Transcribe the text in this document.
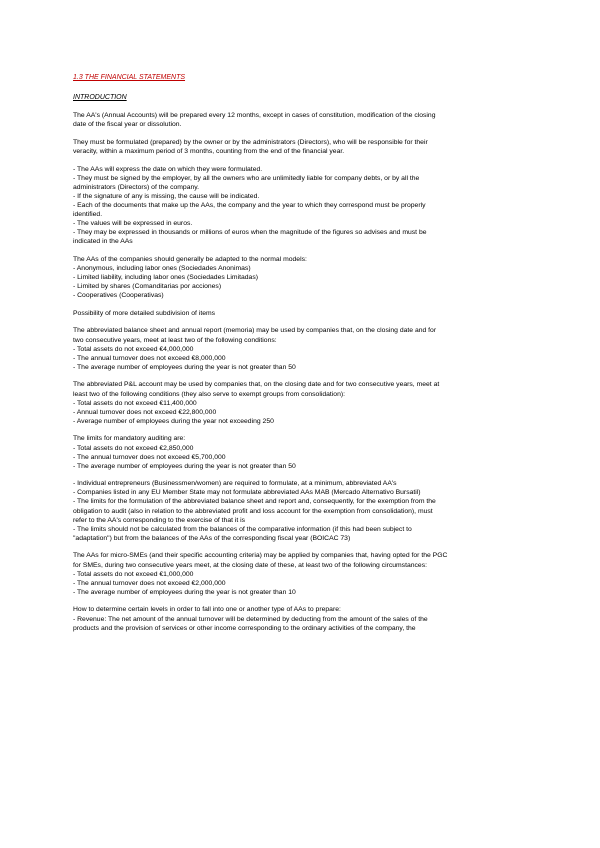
1.3 THE FINANCIAL STATEMENTS
INTRODUCTION
The AA's (Annual Accounts) will be prepared every 12 months, except in cases of constitution, modification of the closing
date of the fiscal year or dissolution.
They must be formulated (prepared) by the owner or by the administrators (Directors), who will be responsible for their
veracity, within a maximum period of 3 months, counting from the end of the financial year.
- The AAs will express the date on which they were formulated.
- They must be signed by the employer, by all the owners who are unlimitedly liable for company debts, or by all the
administrators (Directors) of the company.
- If the signature of any is missing, the cause will be indicated.
- Each of the documents that make up the AAs, the company and the year to which they correspond must be properly
identified.
- The values will be expressed in euros.
- They may be expressed in thousands or millions of euros when the magnitude of the figures so advises and must be
indicated in the AAs
The AAs of the companies should generally be adapted to the normal models:
- Anonymous, including labor ones (Sociedades Anonimas)
- Limited liability, including labor ones (Sociedades Limitadas)
- Limited by shares (Comanditarias por acciones)
- Cooperatives (Cooperativas)
Possibility of more detailed subdivision of items
The abbreviated balance sheet and annual report (memoria) may be used by companies that, on the closing date and for
two consecutive years, meet at least two of the following conditions:
- Total assets do not exceed €4,000,000
- The annual turnover does not exceed €8,000,000
- The average number of employees during the year is not greater than 50
The abbreviated P&L account may be used by companies that, on the closing date and for two consecutive years, meet at
least two of the following conditions (they also serve to exempt groups from consolidation):
- Total assets do not exceed €11,400,000
- Annual turnover does not exceed €22,800,000
- Average number of employees during the year not exceeding 250
The limits for mandatory auditing are:
- Total assets do not exceed €2,850,000
- The annual turnover does not exceed €5,700,000
- The average number of employees during the year is not greater than 50
- Individual entrepreneurs (Businessmen/women) are required to formulate, at a minimum, abbreviated AA's
- Companies listed in any EU Member State may not formulate abbreviated AAs MAB (Mercado Alternativo Bursatil)
- The limits for the formulation of the abbreviated balance sheet and report and, consequently, for the exemption from the
obligation to audit (also in relation to the abbreviated profit and loss account for the exemption from consolidation), must
refer to the AA's corresponding to the exercise of that it is
- The limits should not be calculated from the balances of the comparative information (if this had been subject to
"adaptation") but from the balances of the AAs of the corresponding fiscal year (BOICAC 73)
The AAs for micro-SMEs (and their specific accounting criteria) may be applied by companies that, having opted for the PGC
for SMEs, during two consecutive years meet, at the closing date of these, at least two of the following circumstances:
- Total assets do not exceed €1,000,000
- The annual turnover does not exceed €2,000,000
- The average number of employees during the year is not greater than 10
How to determine certain levels in order to fall into one or another type of AAs to prepare:
- Revenue: The net amount of the annual turnover will be determined by deducting from the amount of the sales of the
products and the provision of services or other income corresponding to the ordinary activities of the company, the
